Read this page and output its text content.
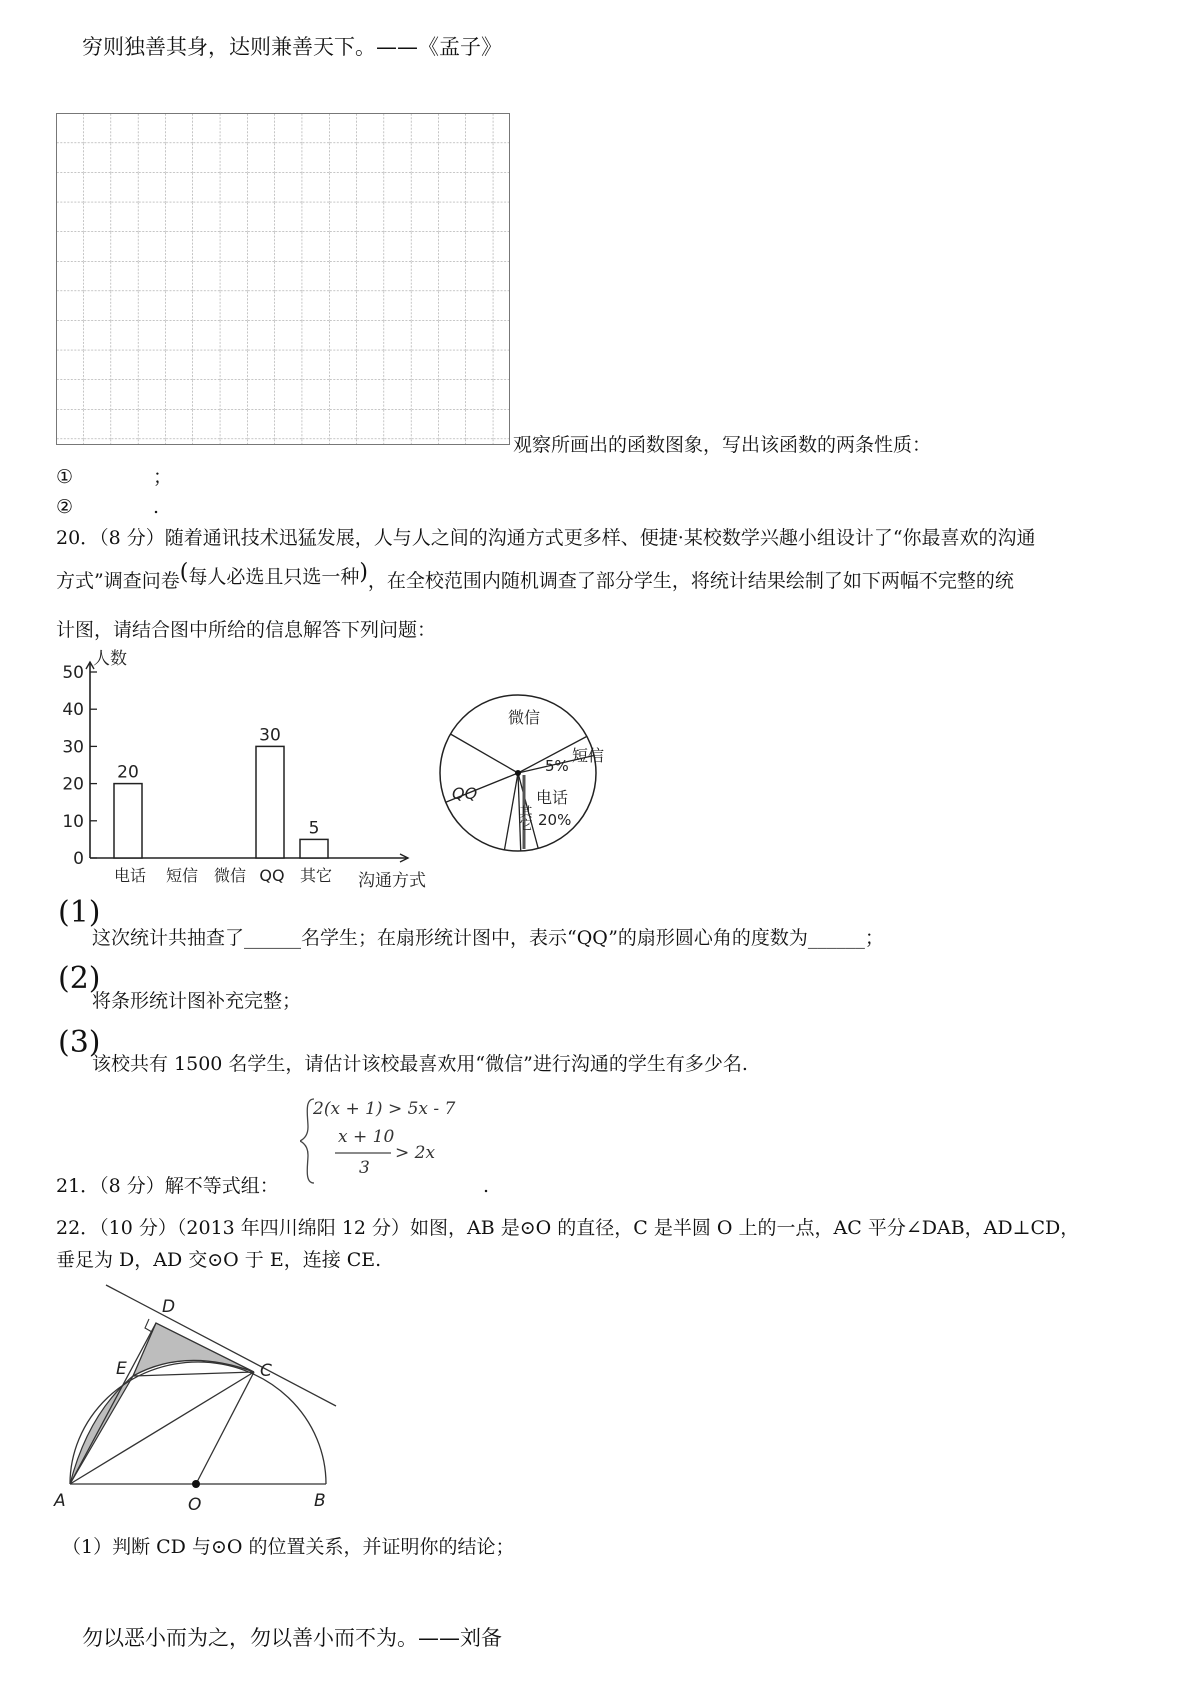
穷则独善其身，达则兼善天下。——《孟子》
观察所画出的函数图象，写出该函数的两条性质：
①	；
②	.
20．（8 分）随着通讯技术迅猛发展，人与人之间的沟通方式更多样、便捷·某校数学兴趣小组设计了“你最喜欢的沟通
方式”调查问卷(每人必选且只选一种)，在全校范围内随机调查了部分学生，将统计结果绘制了如下两幅不完整的统
计图，请结合图中所给的信息解答下列问题：
人数
沟通方式
0
10
20
30
40
50
电话 短信 微信 QQ 其它
20
30
5
微信
短信
电话
其它
QQ
5%
20%
(1)
这次统计共抽查了______名学生；在扇形统计图中，表示“QQ”的扇形圆心角的度数为______；
(2)
将条形统计图补充完整；
(3)
该校共有 1500 名学生，请估计该校最喜欢用“微信”进行沟通的学生有多少名.
2(x + 1) > 5x - 7
x + 10
3
> 2x
21．（8 分）解不等式组：	.
22．（10 分）（2013 年四川绵阳 12 分）如图，AB 是⊙O 的直径，C 是半圆 O 上的一点，AC 平分∠DAB，AD⊥CD，
垂足为 D，AD 交⊙O 于 E，连接 CE.
A	O	B
C
D
E
（1）判断 CD 与⊙O 的位置关系，并证明你的结论；
勿以恶小而为之，勿以善小而不为。——刘备
